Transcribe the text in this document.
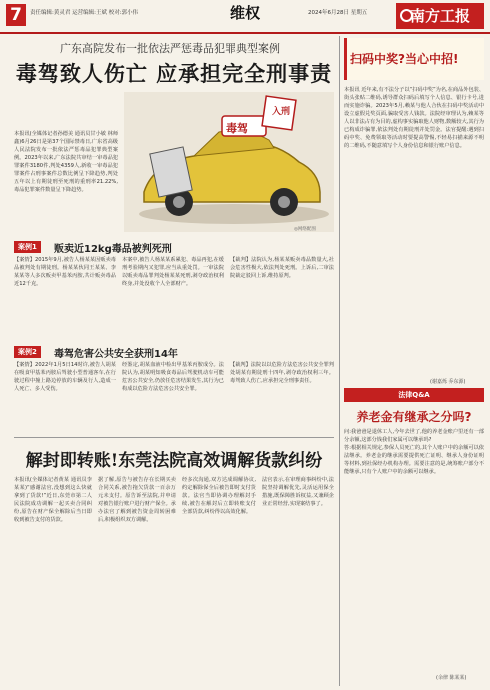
7	责任编辑:黄灵君 运营编辑:王斌 校对:郭小伟	维权	2024年6月28日 星期五	南方工报
广东高院发布一批依法严惩毒品犯罪典型案例
毒驾致人伤亡 应承担完全刑事责
本报讯(全媒体记者孙德美 通讯员甘小敏 林师鑫)6月26日是第37个国际禁毒日,广东省高级人民法院发布一批依法严惩毒品犯罪典型案例。2023年以来,广东法院共审结一审毒品犯罪案件3180件,判处4359人,新收一审毒品犯罪案件占刑事案件总数比例呈下降趋势,判处五年以上有期徒刑至死刑的重刑率21.22%,毒品犯罪案件数量呈下降趋势。
毒驾
入刑
◎网络配图
案例1	贩卖近12kg毒品被判死刑
【案情】2015年9月,被告人杨某某因贩卖毒品被判处有期徒刑。杨某某伙同王某某、李某某等人多次贩卖甲基苯丙胺,共计贩卖毒品近12千克。
本案中,被告人杨某某系累犯、毒品再犯,在缓刑考验期内又犯罪,应当从重处罚。一审法院以贩卖毒品罪判处杨某某死刑,剥夺政治权利终身,并处没收个人全部财产。
【裁判】法院认为,杨某某贩卖毒品数量大,社会危害性极大,依法判处死刑。上诉后,二审法院裁定驳回上诉,维持原判。
案例2	毒驾危害公共安全获刑14年
【案情】2022年1月5日14时许,被告人胡某在吸食甲基苯丙胺后驾驶小型普通客车,在行驶过程中撞上路边停放的车辆及行人,造成一人死亡、多人受伤。
经鉴定,胡某血液中检出甲基苯丙胺成分。法院认为,胡某明知吸食毒品后驾驶机动车可能危害公共安全,仍放任危害结果发生,其行为已构成以危险方法危害公共安全罪。
【裁判】法院以以危险方法危害公共安全罪判处胡某有期徒刑十四年,剥夺政治权利三年。毒驾致人伤亡,应承担完全刑事责任。
解封即转账!东莞法院高效调解货款纠纷
本报讯(全媒体记者黄某 通讯员李某某)“感谢法官,没想到这么快就拿到了货款!”近日,东莞市第二人民法院成功调解一起买卖合同纠纷,原告在财产保全解除后当日即收到被告支付的货款。
据了解,原告与被告存在长期买卖合同关系,被告拖欠货款一百余万元未支付。原告诉至法院,并申请对被告银行账户进行财产保全。承办法官了解到被告资金周转困难后,积极组织双方调解。
经多次沟通,双方达成调解协议,约定解除保全后被告即时支付货款。法官当即协调办理解封手续,被告在解封后立即转账支付全部货款,纠纷得以高效化解。
法官表示,在审理商事纠纷中,法院坚持调解优先,灵活运用保全措施,既保障胜诉权益,又兼顾企业正常经营,实现案结事了。
扫码中奖?当心中招!
本报讯 近年来,有不法分子以“扫码中奖”为名,在商品外包装、街头张贴二维码,诱导群众扫码后填写个人信息、银行卡号,进而实施诈骗。2023年5月,赖某与他人合伙在扫码中奖活动中设立虚假兑奖页面,骗取受害人钱款。法院经审理认为,赖某等人以非法占有为目的,虚构事实骗取他人财物,数额较大,其行为已构成诈骗罪,依法判处有期徒刑并处罚金。法官提醒:遇到扫码中奖、免费领取等活动时要提高警惕,不轻易扫描来源不明的二维码,不随意填写个人身份信息和银行账户信息。
(谢嘉烁 乔东源)
法律Q&A
养老金有继承之分吗?
问:我爸爸是退休工人,今年去世了,他的养老金账户里还有一部分余额,这部分钱我们家属可以继承吗?
答:根据相关规定,参保人员死亡的,其个人账户中的余额可以依法继承。养老金的继承需要提供死亡证明、继承人身份证明等材料,到社保经办机构办理。需要注意的是,统筹账户部分不能继承,只有个人账户中的余额可以继承。
(余律 陈某某)
